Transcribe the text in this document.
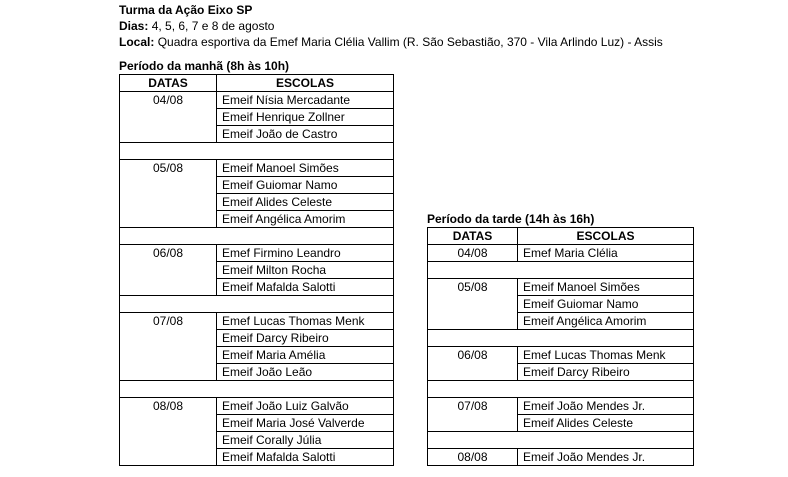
Turma da Ação Eixo SP
Dias: 4, 5, 6, 7 e 8 de agosto
Local: Quadra esportiva da Emef Maria Clélia Vallim (R. São Sebastião, 370 - Vila Arlindo Luz) - Assis
Período da manhã (8h às 10h)
DATAS	ESCOLAS
04/08	Emeif Nísia Mercadante
	Emeif Henrique Zollner
	Emeif João de Castro

05/08	Emeif Manoel Simões
	Emeif Guiomar Namo
	Emeif Alides Celeste
	Emeif Angélica Amorim

06/08	Emef Firmino Leandro
	Emeif Milton Rocha
	Emeif Mafalda Salotti

07/08	Emef Lucas Thomas Menk
	Emeif Darcy Ribeiro
	Emeif Maria Amélia
	Emeif João Leão

08/08	Emeif João Luiz Galvão
	Emeif Maria José Valverde
	Emeif Corally Júlia
	Emeif Mafalda Salotti
Período da tarde (14h às 16h)
DATAS	ESCOLAS
04/08	Emef Maria Clélia

05/08	Emeif Manoel Simões
	Emeif Guiomar Namo
	Emeif Angélica Amorim

06/08	Emef Lucas Thomas Menk
	Emeif Darcy Ribeiro

07/08	Emeif João Mendes Jr.
	Emeif Alides Celeste

08/08	Emeif João Mendes Jr.
